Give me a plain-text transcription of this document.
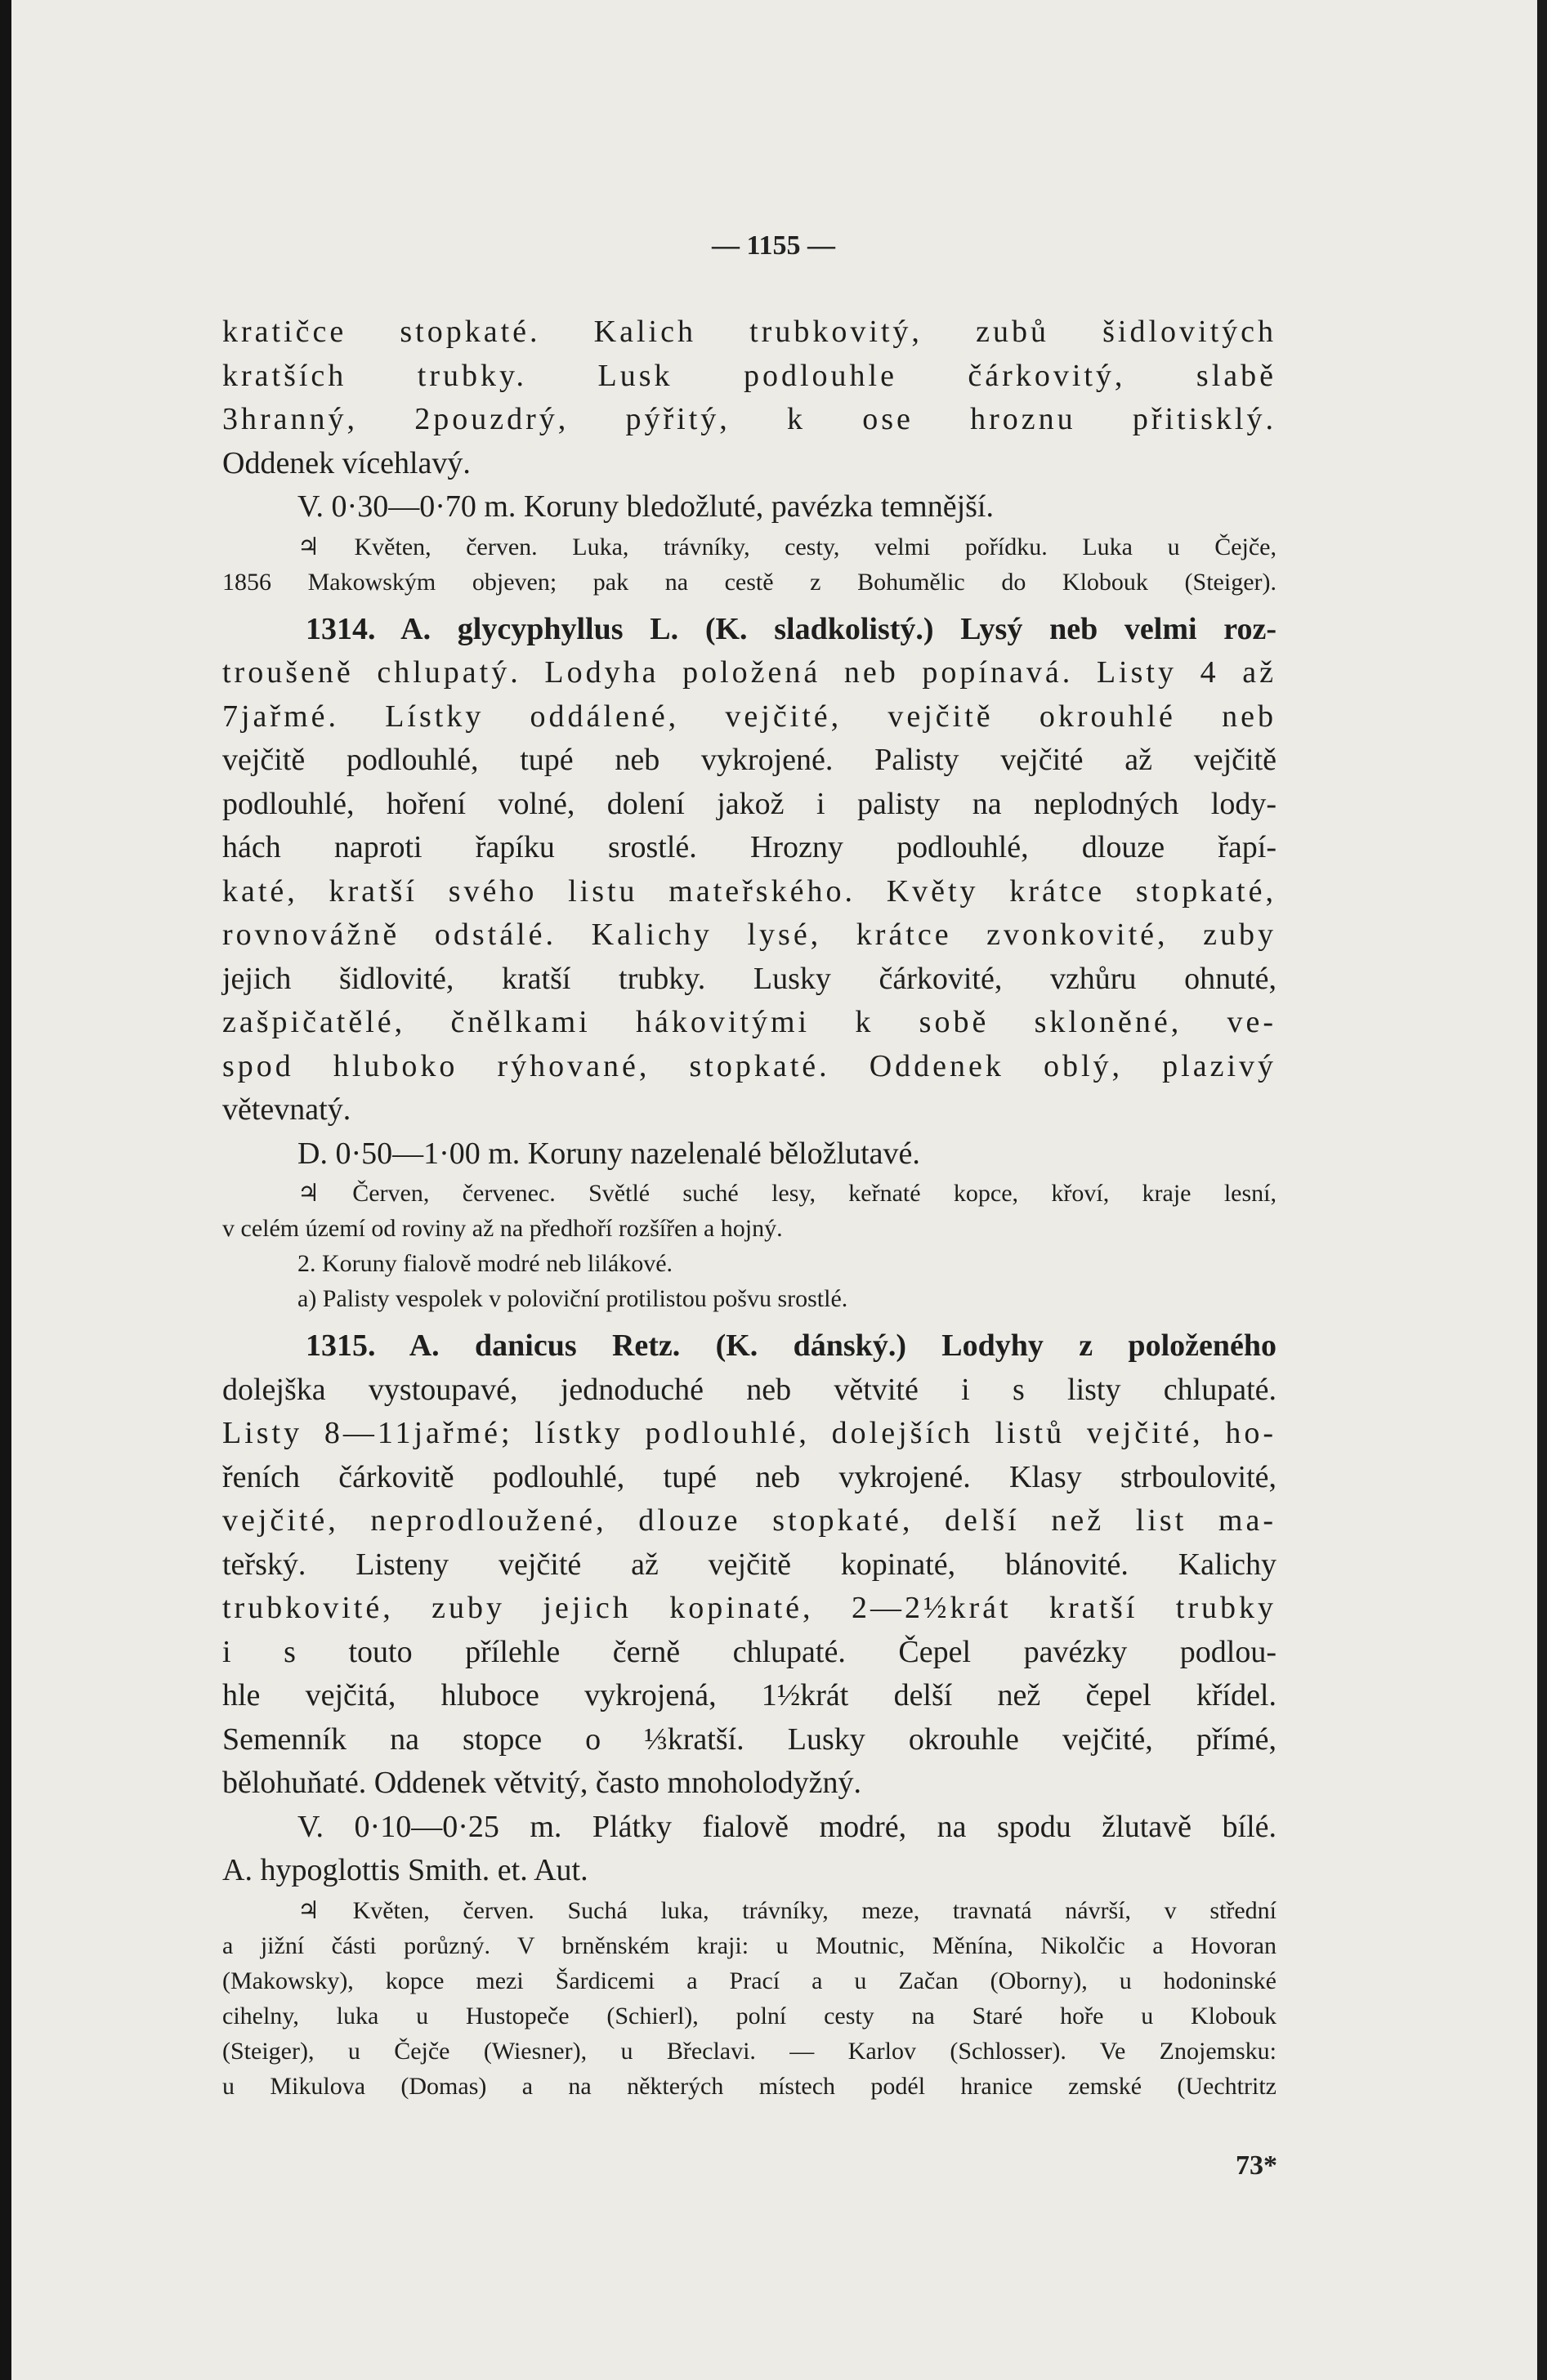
— 1155 —
kratičce stopkaté. Kalich trubkovitý, zubů šidlovitých
kratších trubky. Lusk podlouhle čárkovitý, slabě
3hranný, 2pouzdrý, pýřitý, k ose hroznu přitisklý.
Oddenek vícehlavý.
V. 0·30—0·70 m. Koruny bledožluté, pavézka temnější.
♃ Květen, červen. Luka, trávníky, cesty, velmi pořídku. Luka u Čejče,
1856 Makowským objeven; pak na cestě z Bohumělic do Klobouk (Steiger).
1314. A. glycyphyllus L. (K. sladkolistý.) Lysý neb velmi roz-
troušeně chlupatý. Lodyha položená neb popínavá. Listy 4 až
7jařmé. Lístky oddálené, vejčité, vejčitě okrouhlé neb
vejčitě podlouhlé, tupé neb vykrojené. Palisty vejčité až vejčitě
podlouhlé, hoření volné, dolení jakož i palisty na neplodných lody-
hách naproti řapíku srostlé. Hrozny podlouhlé, dlouze řapí-
katé, kratší svého listu mateřského. Květy krátce stopkaté,
rovnovážně odstálé. Kalichy lysé, krátce zvonkovité, zuby
jejich šidlovité, kratší trubky. Lusky čárkovité, vzhůru ohnuté,
zašpičatělé, čnělkami hákovitými k sobě skloněné, ve-
spod hluboko rýhované, stopkaté. Oddenek oblý, plazivý
větevnatý.
D. 0·50—1·00 m. Koruny nazelenalé běložlutavé.
♃ Červen, červenec. Světlé suché lesy, keřnaté kopce, křoví, kraje lesní,
v celém území od roviny až na předhoří rozšířen a hojný.
2. Koruny fialově modré neb lilákové.
a) Palisty vespolek v poloviční protilistou pošvu srostlé.
1315. A. danicus Retz. (K. dánský.) Lodyhy z položeného
dolejška vystoupavé, jednoduché neb větvité i s listy chlupaté.
Listy 8—11jařmé; lístky podlouhlé, dolejších listů vejčité, ho-
řeních čárkovitě podlouhlé, tupé neb vykrojené. Klasy strboulovité,
vejčité, neprodloužené, dlouze stopkaté, delší než list ma-
teřský. Listeny vejčité až vejčitě kopinaté, blánovité. Kalichy
trubkovité, zuby jejich kopinaté, 2—2½krát kratší trubky
i s touto přílehle černě chlupaté. Čepel pavézky podlou-
hle vejčitá, hluboce vykrojená, 1½krát delší než čepel křídel.
Semenník na stopce o ⅓kratší. Lusky okrouhle vejčité, přímé,
bělohuňaté. Oddenek větvitý, často mnoholodyžný.
V. 0·10—0·25 m. Plátky fialově modré, na spodu žlutavě bílé.
A. hypoglottis Smith. et. Aut.
♃ Květen, červen. Suchá luka, trávníky, meze, travnatá návrší, v střední
a jižní části porůzný. V brněnském kraji: u Moutnic, Měnína, Nikolčic a Hovoran
(Makowsky), kopce mezi Šardicemi a Prací a u Začan (Oborny), u hodoninské
cihelny, luka u Hustopeče (Schierl), polní cesty na Staré hoře u Klobouk
(Steiger), u Čejče (Wiesner), u Břeclavi. — Karlov (Schlosser). Ve Znojemsku:
u Mikulova (Domas) a na některých místech podél hranice zemské (Uechtritz
73*
